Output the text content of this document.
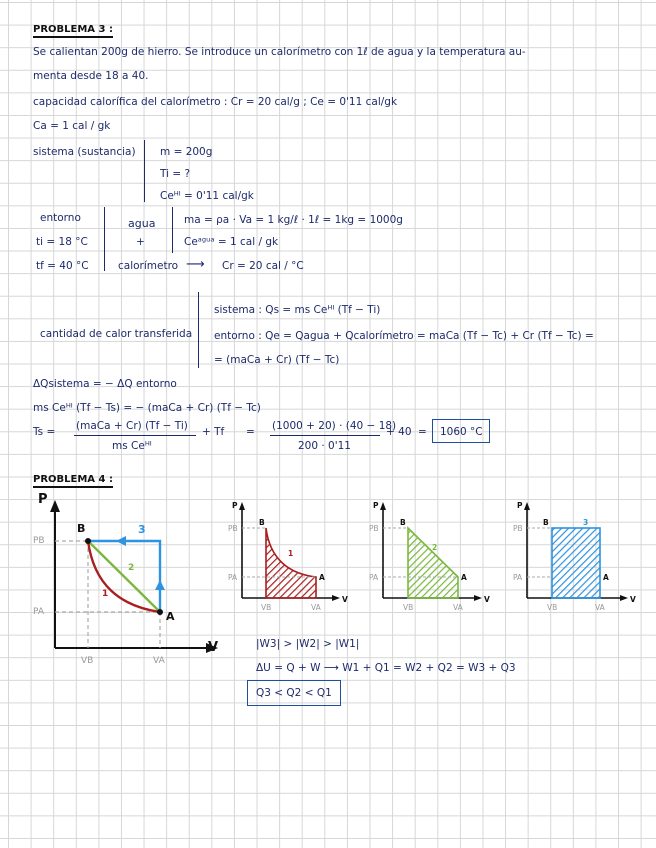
PROBLEMA 3 :
Se calientan 200g de hierro. Se introduce un calorímetro con 1ℓ de agua y la temperatura au-
menta desde 18 a 40.
capacidad calorífica del calorímetro : Cr = 20 cal/g ; Ce = 0'11 cal/gk
Ca = 1 cal / gk
sistema (sustancia) m = 200g
Ti = ?
Ceᴴᴵ = 0'11 cal/gk
entorno
ti = 18 °C
tf = 40 °C
agua
+
calorímetro
ma = ρa · Va = 1 kg/ℓ · 1ℓ = 1kg = 1000g
Ceᵃᵍᵘᵃ = 1 cal / gk
⟶ Cr = 20 cal / °C
cantidad de calor transferida
sistema : Qs = ms Ceᴴᴵ (Tf − Ti)
entorno : Qe = Qagua + Qcalorímetro = maCa (Tf − Tc) + Cr (Tf − Tc) =
= (maCa + Cr) (Tf − Tc)
ΔQsistema = − ΔQ entorno
ms Ceᴴᴵ (Tf − Ts) = − (maCa + Cr) (Tf − Tc)
Ts = (maCa + Cr) (Tf − Ti)
ms Ceᴴᴵ
+ Tf = (1000 + 20) · (40 − 18)
200 · 0'11
+ 40 = 1060 °C
PROBLEMA 4 :
P
V
B
A
PB
PA
VB	VA
1
2
3
P
V
B
A
PB
PA
VB	VA
1
P
V
B
A
PB
PA
VB	VA
2
P
V
B
A
PB
PA
VB	VA
3
|W3| > |W2| > |W1|
ΔU = Q + W ⟶ W1 + Q1 = W2 + Q2 = W3 + Q3
Q3 < Q2 < Q1
